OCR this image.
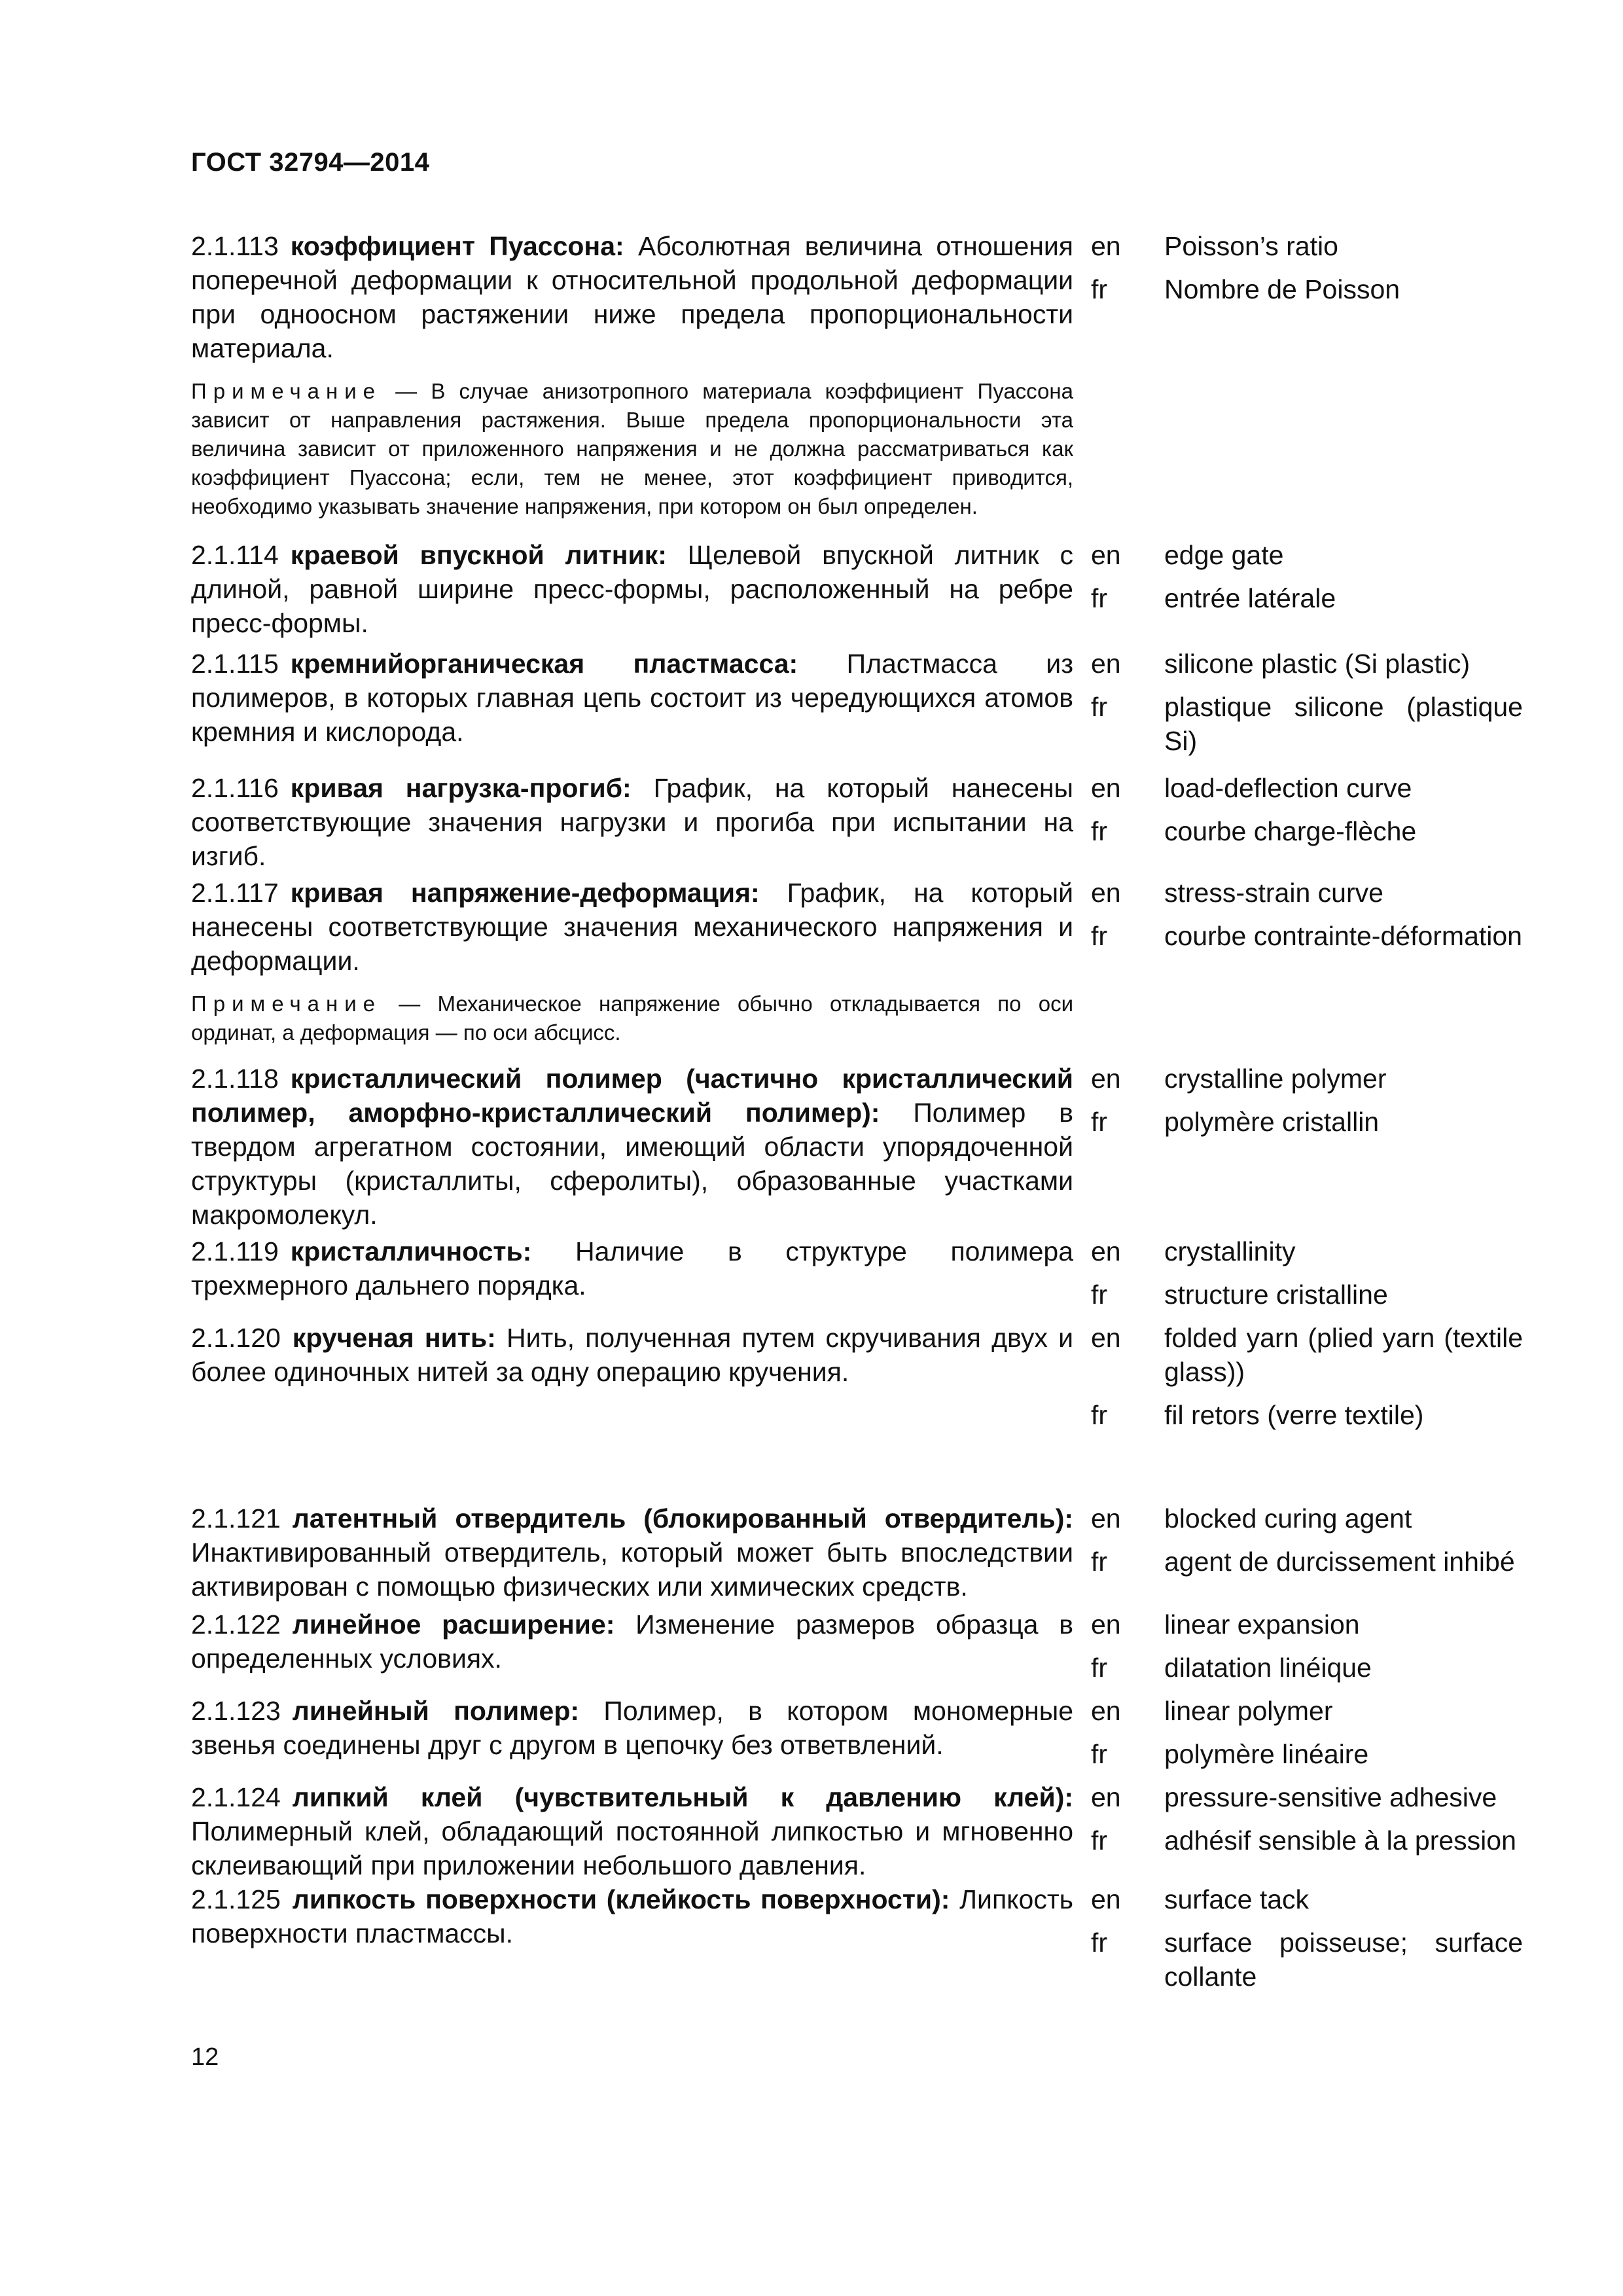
ГОСТ 32794—2014
2.1.113 коэффициент Пуассона: Абсолютная величина отношения поперечной деформации к относительной продольной деформации при одноосном растяжении ниже предела пропорциональности материала.
Примечание — В случае анизотропного материала коэффициент Пуассона зависит от направления растяжения. Выше предела пропорциональности эта величина зависит от приложенного напряжения и не должна рассматриваться как коэффициент Пуассона; если, тем не менее, этот коэффициент приводится, необходимо указывать значение напряжения, при котором он был определен.
en
fr
Poisson’s ratio
Nombre de Poisson
2.1.114 краевой впускной литник: Щелевой впускной литник с длиной, равной ширине пресс-формы, расположенный на ребре пресс-формы.
en
fr
edge gate
entrée latérale
2.1.115 кремнийорганическая пластмасса: Пластмасса из полимеров, в которых главная цепь состоит из чередующихся атомов кремния и кислорода.
en
fr
silicone plastic (Si plastic)
plastique silicone (plastique Si)
2.1.116 кривая нагрузка-прогиб: График, на который нанесены соответствующие значения нагрузки и прогиба при испытании на изгиб.
en
fr
load-deflection curve
courbe charge-flèche
2.1.117 кривая напряжение-деформация: График, на который нанесены соответствующие значения механического напряжения и деформации.
Примечание — Механическое напряжение обычно откладывается по оси ординат, а деформация — по оси абсцисс.
en
fr
stress-strain curve
courbe contrainte-déformation
2.1.118 кристаллический полимер (частично кристаллический полимер, аморфно-кристаллический полимер): Полимер в твердом агрегатном состоянии, имеющий области упорядоченной структуры (кристаллиты, сферолиты), образованные участками макромолекул.
en
fr
crystalline polymer
polymère cristallin
2.1.119 кристалличность: Наличие в структуре полимера трехмерного дальнего порядка.
en
fr
crystallinity
structure cristalline
2.1.120 крученая нить: Нить, полученная путем скручивания двух и более одиночных нитей за одну операцию кручения.
en
fr
folded yarn (plied yarn (textile glass))
fil retors (verre textile)
2.1.121 латентный отвердитель (блокированный отвердитель): Инактивированный отвердитель, который может быть впоследствии активирован с помощью физических или химических средств.
en
fr
blocked curing agent
agent de durcissement inhibé
2.1.122 линейное расширение: Изменение размеров образца в определенных условиях.
en
fr
linear expansion
dilatation linéique
2.1.123 линейный полимер: Полимер, в котором мономерные звенья соединены друг с другом в цепочку без ответвлений.
en
fr
linear polymer
polymère linéaire
2.1.124 липкий клей (чувствительный к давлению клей): Полимерный клей, обладающий постоянной липкостью и мгновенно склеивающий при приложении небольшого давления.
en
fr
pressure-sensitive adhesive
adhésif sensible à la pression
2.1.125 липкость поверхности (клейкость поверхности): Липкость поверхности пластмассы.
en
fr
surface tack
surface poisseuse; surface collante
12
